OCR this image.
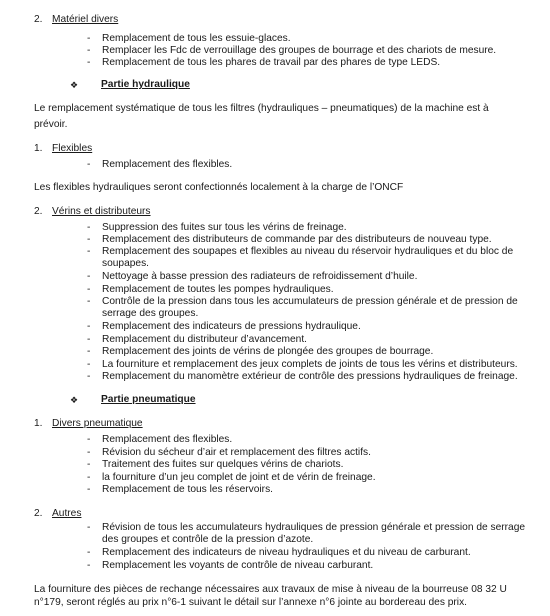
2. Matériel divers
- Remplacement de tous les essuie-glaces.
- Remplacer les Fdc de verrouillage des groupes de bourrage et des chariots de mesure.
- Remplacement de tous les phares de travail par des phares de type LEDS.
❖ Partie hydraulique
Le remplacement systématique de tous les filtres (hydrauliques – pneumatiques) de la machine est à
prévoir.
1. Flexibles
- Remplacement des flexibles.
Les flexibles hydrauliques seront confectionnés localement à la charge de l’ONCF
2. Vérins et distributeurs
- Suppression des fuites sur tous les vérins de freinage.
- Remplacement des distributeurs de commande par des distributeurs de nouveau type.
- Remplacement des soupapes et flexibles au niveau du réservoir hydrauliques et du bloc de
soupapes.
- Nettoyage à basse pression des radiateurs de refroidissement d’huile.
- Remplacement de toutes les pompes hydrauliques.
- Contrôle de la pression dans tous les accumulateurs de pression générale et de pression de
serrage des groupes.
- Remplacement des indicateurs de pressions hydraulique.
- Remplacement du distributeur d’avancement.
- Remplacement des joints de vérins de plongée des groupes de bourrage.
- La fourniture et remplacement des jeux complets de joints de tous les vérins et distributeurs.
- Remplacement du manomètre extérieur de contrôle des pressions hydrauliques de freinage.
❖ Partie pneumatique
1. Divers pneumatique
- Remplacement des flexibles.
- Révision du sécheur d’air et remplacement des filtres actifs.
- Traitement des fuites sur quelques vérins de chariots.
- la fourniture d’un jeu complet de joint et de vérin de freinage.
- Remplacement de tous les réservoirs.
2. Autres
- Révision de tous les accumulateurs hydrauliques de pression générale et pression de serrage
des groupes et contrôle de la pression d’azote.
- Remplacement des indicateurs de niveau hydrauliques et du niveau de carburant.
- Remplacement les voyants de contrôle de niveau carburant.
La fourniture des pièces de rechange nécessaires aux travaux de mise à niveau de la bourreuse 08 32 U
n°179, seront réglés au prix n°6-1 suivant le détail sur l’annexe n°6 jointe au bordereau des prix.
